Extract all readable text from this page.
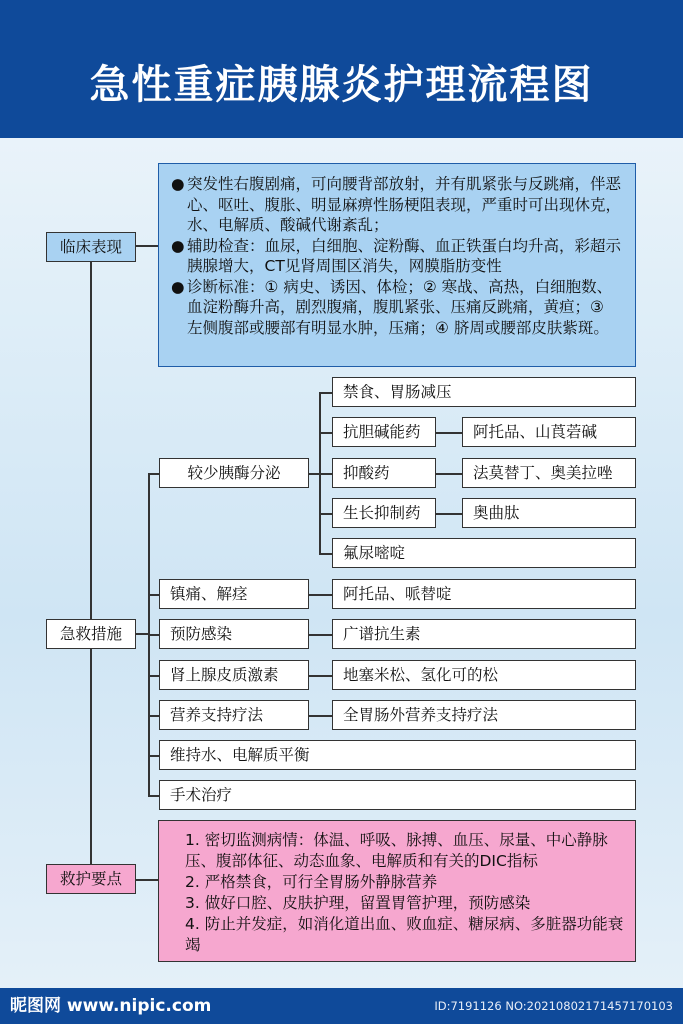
急性重症胰腺炎护理流程图
临床表现
● 突发性右腹剧痛，可向腰背部放射，并有肌紧张与反跳痛，伴恶心、呕吐、腹胀、明显麻痹性肠梗阻表现，严重时可出现休克，水、电解质、酸碱代谢紊乱；
● 辅助检查：血尿，白细胞、淀粉酶、血正铁蛋白均升高，彩超示胰腺增大，CT见肾周围区消失，网膜脂肪变性
● 诊断标准：① 病史、诱因、体检；② 寒战、高热，白细胞数、血淀粉酶升高，剧烈腹痛，腹肌紧张、压痛反跳痛，黄疸；③ 左侧腹部或腰部有明显水肿，压痛；④ 脐周或腰部皮肤紫斑。
急救措施
较少胰酶分泌
禁食、胃肠减压
抗胆碱能药	阿托品、山莨菪碱
抑酸药	法莫替丁、奥美拉唑
生长抑制药	奥曲肽
氟尿嘧啶
镇痛、解痉	阿托品、哌替啶
预防感染	广谱抗生素
肾上腺皮质激素	地塞米松、氢化可的松
营养支持疗法	全胃肠外营养支持疗法
维持水、电解质平衡
手术治疗
救护要点
1. 密切监测病情：体温、呼吸、脉搏、血压、尿量、中心静脉压、腹部体征、动态血象、电解质和有关的DIC指标
2. 严格禁食，可行全胃肠外静脉营养
3. 做好口腔、皮肤护理，留置胃管护理，预防感染
4. 防止并发症，如消化道出血、败血症、糖尿病、多脏器功能衰竭
昵图网 www.nipic.com	ID:7191126 NO:20210802171457170103
